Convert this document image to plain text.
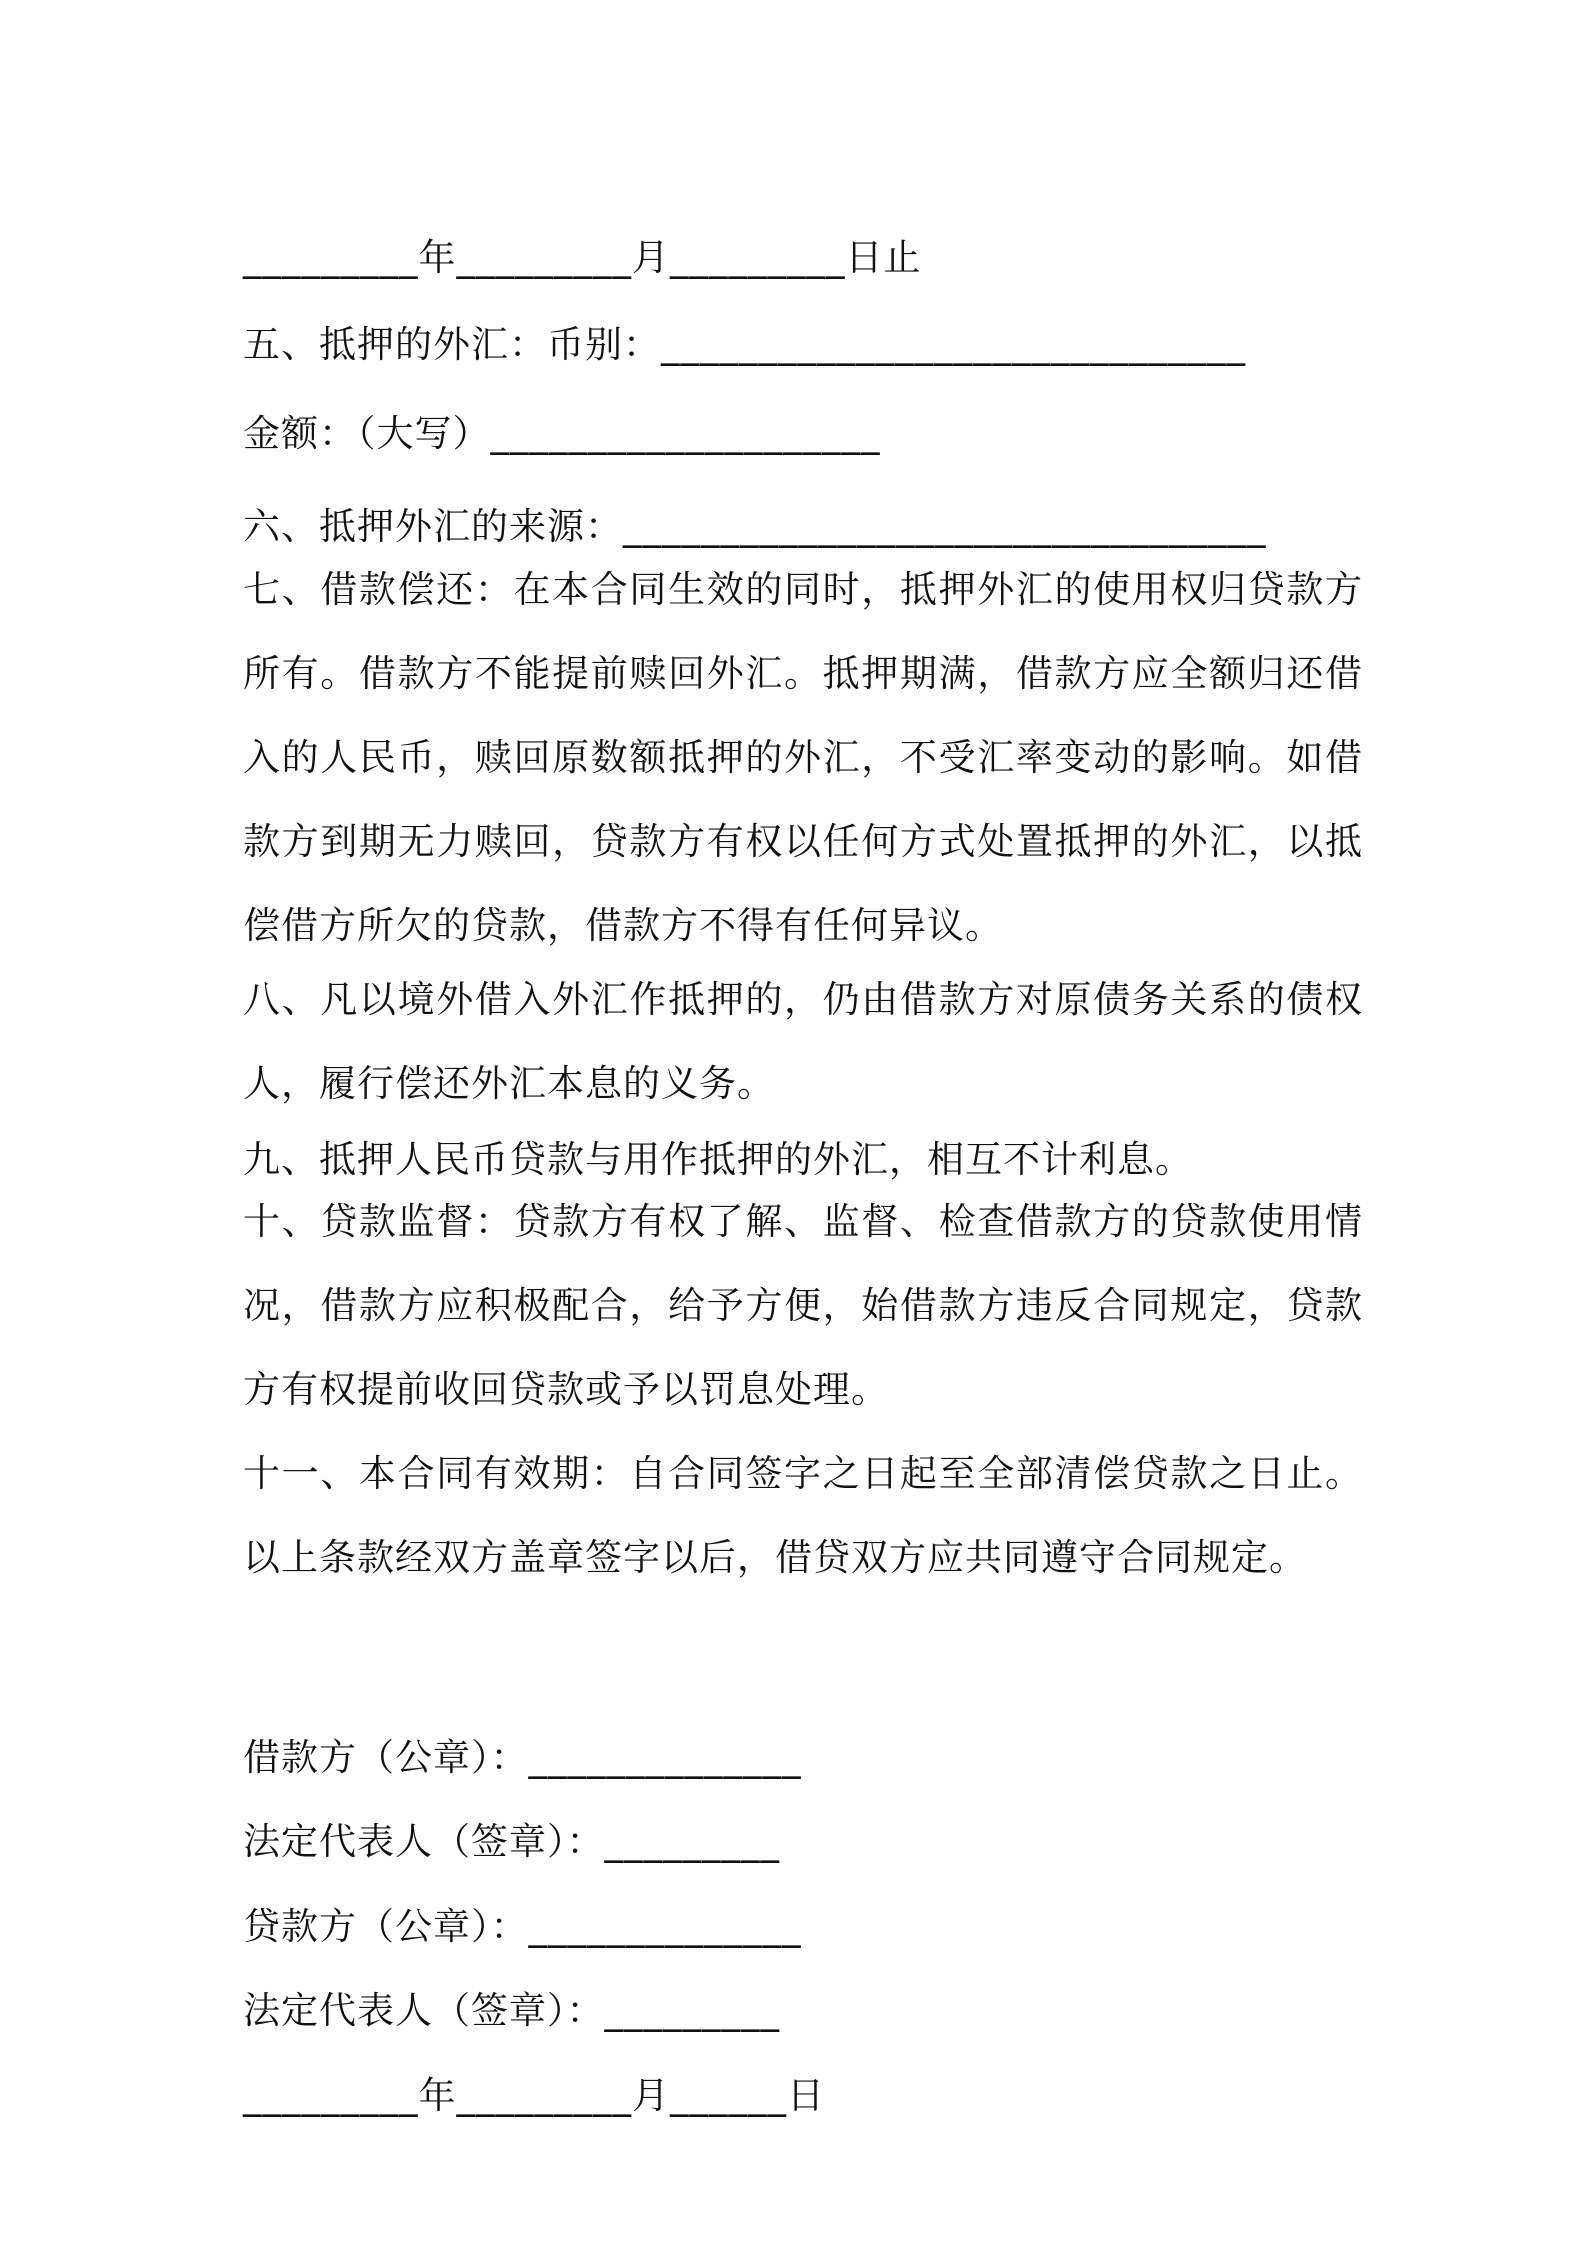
_________年_________月_________日止
五、抵押的外汇：币别：______________________________
金额：（大写）____________________
六、抵押外汇的来源：_________________________________
七、借款偿还：在本合同生效的同时，抵押外汇的使用权归贷款方所有。借款方不能提前赎回外汇。抵押期满，借款方应全额归还借入的人民币，赎回原数额抵押的外汇，不受汇率变动的影响。如借款方到期无力赎回，贷款方有权以任何方式处置抵押的外汇，以抵偿借方所欠的贷款，借款方不得有任何异议。
八、凡以境外借入外汇作抵押的，仍由借款方对原债务关系的债权人，履行偿还外汇本息的义务。
九、抵押人民币贷款与用作抵押的外汇，相互不计利息。
十、贷款监督：贷款方有权了解、监督、检查借款方的贷款使用情况，借款方应积极配合，给予方便，始借款方违反合同规定，贷款方有权提前收回贷款或予以罚息处理。
十一、本合同有效期：自合同签字之日起至全部清偿贷款之日止。以上条款经双方盖章签字以后，借贷双方应共同遵守合同规定。
借款方（公章）：______________
法定代表人（签章）：_________
贷款方（公章）：______________
法定代表人（签章）：_________
_________年_________月______日
